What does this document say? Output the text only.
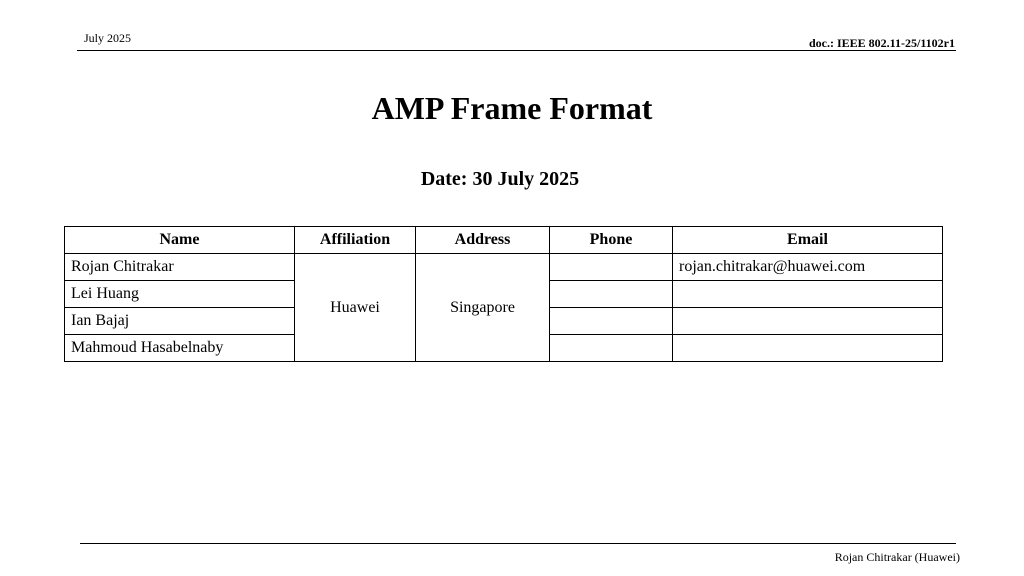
July 2025	doc.: IEEE 802.11-25/1102r1
AMP Frame Format
Date: 30 July 2025
Name	Affiliation	Address	Phone	Email
Rojan Chitrakar	Huawei	Singapore		rojan.chitrakar@huawei.com
Lei Huang				
Ian Bajaj				
Mahmoud Hasabelnaby				
Rojan Chitrakar (Huawei)
